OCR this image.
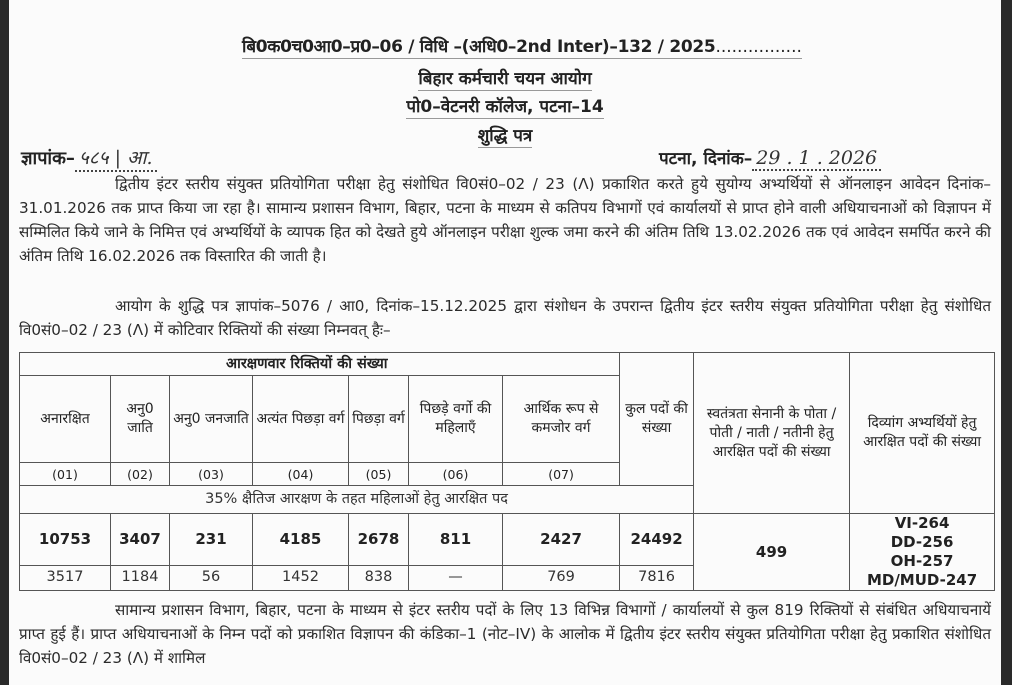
बि0क0च0आ0–प्र0–06 / विधि –(अधि0–2nd Inter)–132 / 2025................
बिहार कर्मचारी चयन आयोग
पो0–वेटनरी कॉलेज, पटना–14
शुद्धि पत्र
ज्ञापांक– ५८५ | आ.	पटना, दिनांक– 29 . 1 . 2026
द्वितीय इंटर स्तरीय संयुक्त प्रतियोगिता परीक्षा हेतु संशोधित वि0सं0–02 / 23 (Λ) प्रकाशित करते हुये सुयोग्य अभ्यर्थियों से ऑनलाइन आवेदन दिनांक–31.01.2026 तक प्राप्त किया जा रहा है। सामान्य प्रशासन विभाग, बिहार, पटना के माध्यम से कतिपय विभागों एवं कार्यालयों से प्राप्त होने वाली अधियाचनाओं को विज्ञापन में सम्मिलित किये जाने के निमित्त एवं अभ्यर्थियों के व्यापक हित को देखते हुये ऑनलाइन परीक्षा शुल्क जमा करने की अंतिम तिथि 13.02.2026 तक एवं आवेदन समर्पित करने की अंतिम तिथि 16.02.2026 तक विस्तारित की जाती है।
आयोग के शुद्धि पत्र ज्ञापांक–5076 / आ0, दिनांक–15.12.2025 द्वारा संशोधन के उपरान्त द्वितीय इंटर स्तरीय संयुक्त प्रतियोगिता परीक्षा हेतु संशोधित वि0सं0–02 / 23 (Λ) में कोटिवार रिक्तियों की संख्या निम्नवत् हैः–
आरक्षणवार रिक्तियों की संख्या							कुल पदों की संख्या	स्वतंत्रता सेनानी के पोता / पोती / नाती / नतीनी हेतु आरक्षित पदों की संख्या	दिव्यांग अभ्यर्थियों हेतु आरक्षित पदों की संख्या
अनारक्षित	अनु0 जाति	अनु0 जनजाति	अत्यंत पिछड़ा वर्ग	पिछड़ा वर्ग	पिछड़े वर्गो की महिलाएँ	आर्थिक रूप से कमजोर वर्ग			
(01)	(02)	(03)	(04)	(05)	(06)	(07)			
35% क्षैतिज आरक्षण के तहत महिलाओं हेतु आरक्षित पद									
10753	3407	231	4185	2678	811	2427	24492	499	VI-264
DD-256
OH-257
MD/MUD-247

3517	1184	56	1452	838	—	769	7816		
सामान्य प्रशासन विभाग, बिहार, पटना के माध्यम से इंटर स्तरीय पदों के लिए 13 विभिन्न विभागों / कार्यालयों से कुल 819 रिक्तियों से संबंधित अधियाचनायें प्राप्त हुई हैं। प्राप्त अधियाचनाओं के निम्न पदों को प्रकाशित विज्ञापन की कंडिका–1 (नोट–IV) के आलोक में द्वितीय इंटर स्तरीय संयुक्त प्रतियोगिता परीक्षा हेतु प्रकाशित संशोधित वि0सं0–02 / 23 (Λ) में शामिल
